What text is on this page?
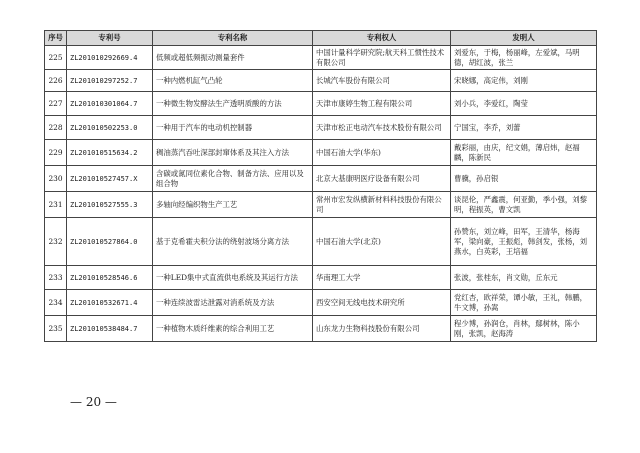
序号	专利号	专利名称	专利权人	发明人
225	ZL201010292669.4	低频或超低频振动测量套件	中国计量科学研究院;航天科工惯性技术有限公司	刘爱东，于梅，杨丽峰，左爱斌，马明德，胡红波，张兰
226	ZL201010297252.7	一种内燃机缸气凸轮	长城汽车股份有限公司	宋晓娜，高定伟，刘刚
227	ZL201010301064.7	一种微生物发酵法生产透明质酸的方法	天津市康婷生物工程有限公司	刘小兵，李爱红，陶莹
228	ZL201010502253.0	一种用于汽车的电动机控制器	天津市松正电动汽车技术股份有限公司	宁国宝，李乔，刘蕾
229	ZL201010515634.2	稠油蒸汽吞吐深部封窜体系及其注入方法	中国石油大学(华东)	戴彩丽，由庆，纪文娟，薄启炜，赵福麟，陈新民
230	ZL201010527457.X	含碳或氮同位素化合物、制备方法、应用以及组合物	北京大基康明医疗设备有限公司	曹骥，孙启银
231	ZL201010527555.3	多轴向经编织物生产工艺	常州市宏发纵横新材料科技股份有限公司	谈昆伦，严鑫震，何亚勤，季小强，刘黎明，程振英，曹文凯
232	ZL201010527864.0	基于克希霍夫积分法的绕射波场分离方法	中国石油大学(北京)	孙赞东，刘立峰，田军，王清华，杨海军，梁向豪，王振彪，韩剑发，张杨，刘燕水，白英彩，王培福
233	ZL201010528546.6	一种LED集中式直流供电系统及其运行方法	华南理工大学	张波，张桂东，肖文勋，丘东元
234	ZL201010532671.4	一种连续波雷达泄露对消系统及方法	西安空间无线电技术研究所	党红杏，欧祥荣，谭小敏，王礼，韩鹏，牛文博，孙嵩
235	ZL201010538484.7	一种植物木质纤维素的综合利用工艺	山东龙力生物科技股份有限公司	程少博，孙润仓，肖林，鄢树林，陈小刚，张凯，赵海涛
— 20 —
